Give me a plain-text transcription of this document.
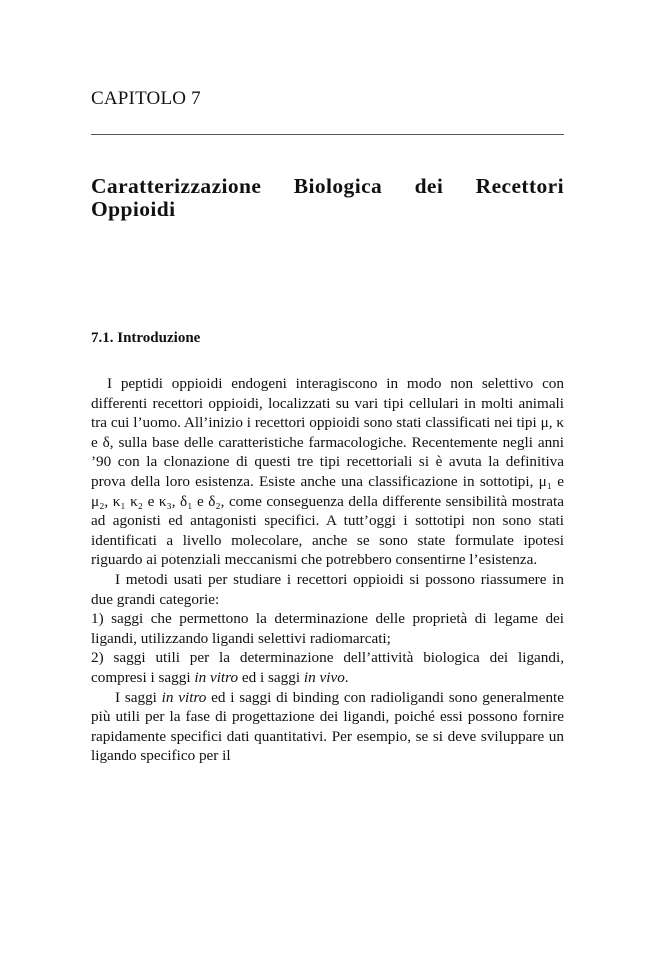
CAPITOLO 7
Caratterizzazione Biologica dei Recettori Oppioidi
7.1. Introduzione

I peptidi oppioidi endogeni interagiscono in modo non selettivo con differenti recettori oppioidi, localizzati su vari tipi cellulari in molti animali tra cui l’uomo. All’inizio i recettori oppioidi sono stati classificati nei tipi μ, κ e δ, sulla base delle caratteristiche farmacologiche. Recentemente negli anni ’90 con la clonazione di questi tre tipi recettoriali si è avuta la definitiva prova della loro esistenza. Esiste anche una classificazione in sottotipi, μ₁ e μ₂, κ₁ κ₂ e κ₃, δ₁ e δ₂, come conseguenza della differente sensibilità mostrata ad agonisti ed antagonisti specifici. A tutt’oggi i sottotipi non sono stati identificati a livello molecolare, anche se sono state formulate ipotesi riguardo ai potenziali meccanismi che potrebbero consentirne l’esistenza.

I metodi usati per studiare i recettori oppioidi si possono riassumere in due grandi categorie:

1) saggi che permettono la determinazione delle proprietà di legame dei ligandi, utilizzando ligandi selettivi radiomarcati;

2) saggi utili per la determinazione dell’attività biologica dei ligandi, compresi i saggi in vitro ed i saggi in vivo.

I saggi in vitro ed i saggi di binding con radioligandi sono generalmente più utili per la fase di progettazione dei ligandi, poiché essi possono fornire rapidamente specifici dati quantitativi. Per esempio, se si deve sviluppare un ligando specifico per il
